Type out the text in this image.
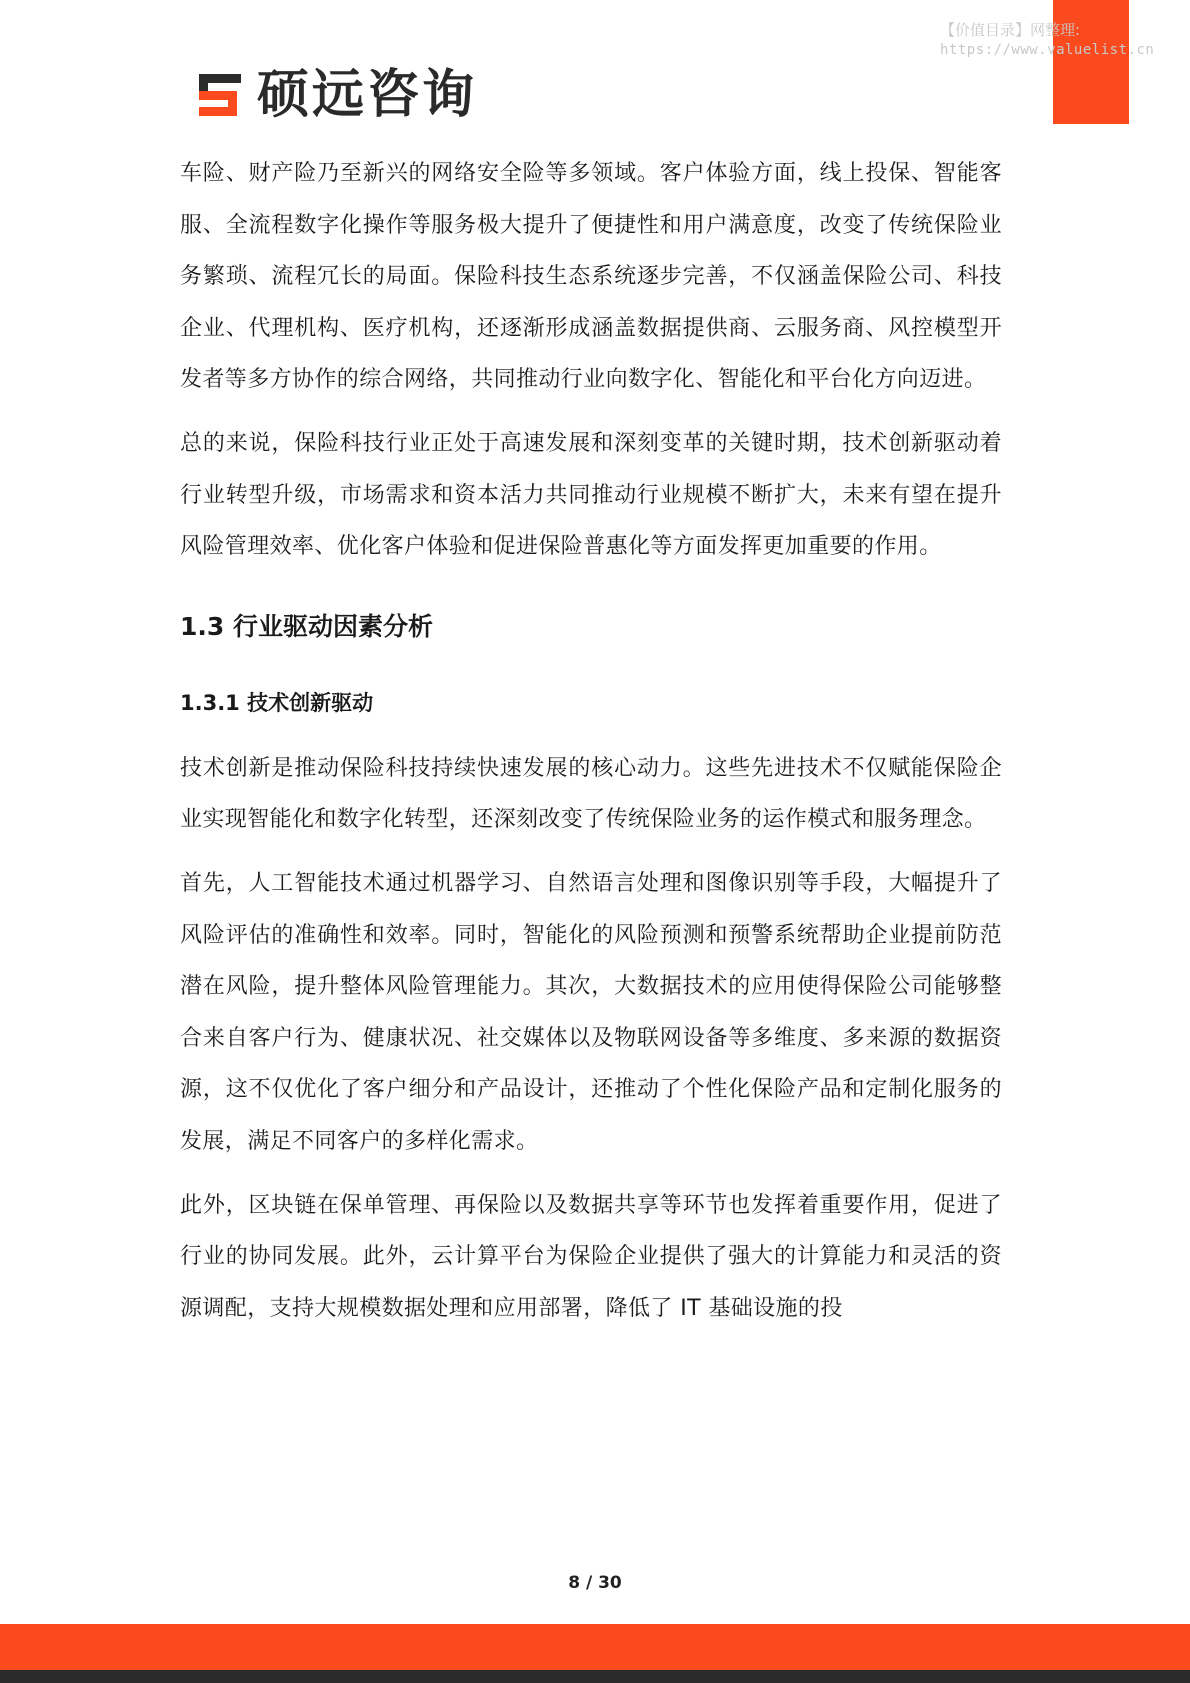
【价值目录】网整理:
https://www.valuelist.cn
硕远咨询

车险、财产险乃至新兴的网络安全险等多领域。客户体验方面，线上投保、智能客服、全流程数字化操作等服务极大提升了便捷性和用户满意度，改变了传统保险业务繁琐、流程冗长的局面。保险科技生态系统逐步完善，不仅涵盖保险公司、科技企业、代理机构、医疗机构，还逐渐形成涵盖数据提供商、云服务商、风控模型开发者等多方协作的综合网络，共同推动行业向数字化、智能化和平台化方向迈进。

总的来说，保险科技行业正处于高速发展和深刻变革的关键时期，技术创新驱动着行业转型升级，市场需求和资本活力共同推动行业规模不断扩大，未来有望在提升风险管理效率、优化客户体验和促进保险普惠化等方面发挥更加重要的作用。

1.3 行业驱动因素分析
1.3.1 技术创新驱动

技术创新是推动保险科技持续快速发展的核心动力。这些先进技术不仅赋能保险企业实现智能化和数字化转型，还深刻改变了传统保险业务的运作模式和服务理念。

首先，人工智能技术通过机器学习、自然语言处理和图像识别等手段，大幅提升了风险评估的准确性和效率。同时，智能化的风险预测和预警系统帮助企业提前防范潜在风险，提升整体风险管理能力。其次，大数据技术的应用使得保险公司能够整合来自客户行为、健康状况、社交媒体以及物联网设备等多维度、多来源的数据资源，这不仅优化了客户细分和产品设计，还推动了个性化保险产品和定制化服务的发展，满足不同客户的多样化需求。

此外，区块链在保单管理、再保险以及数据共享等环节也发挥着重要作用，促进了行业的协同发展。此外，云计算平台为保险企业提供了强大的计算能力和灵活的资源调配，支持大规模数据处理和应用部署，降低了 IT 基础设施的投

8 / 30
